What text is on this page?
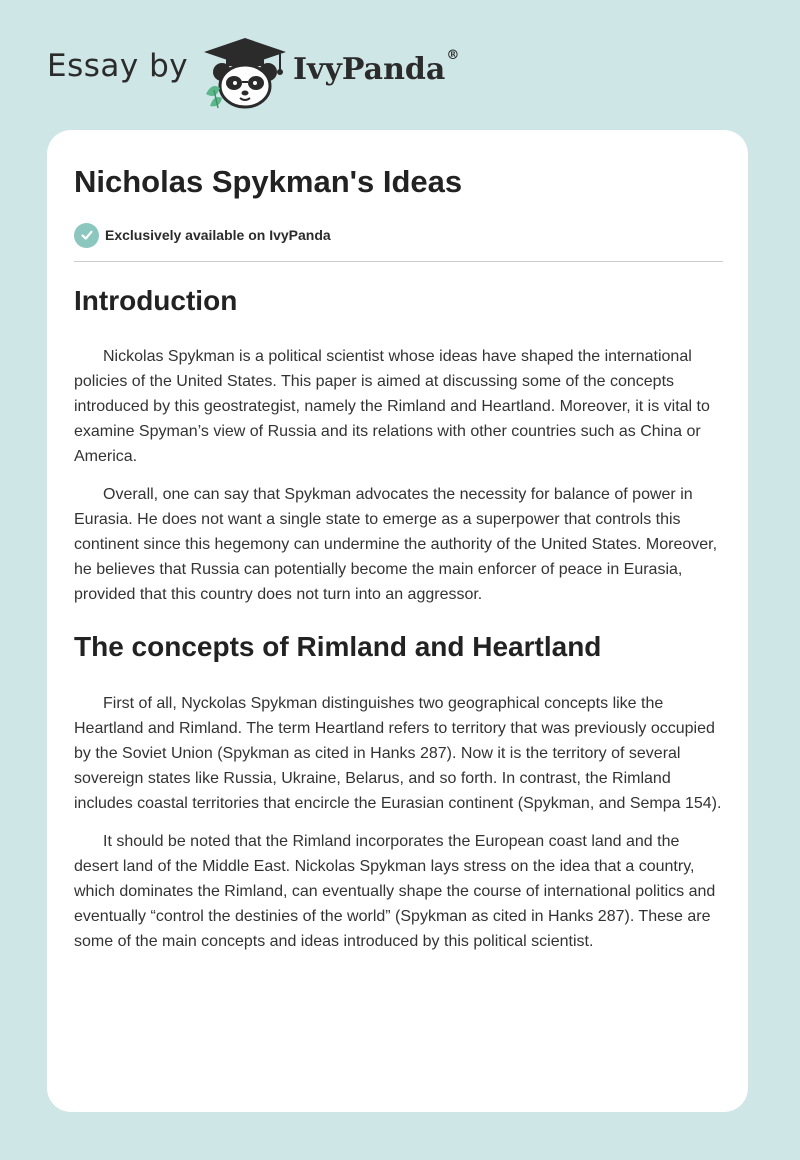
Essay by	IvyPanda®
Nicholas Spykman's Ideas
Exclusively available on IvyPanda
Introduction

Nickolas Spykman is a political scientist whose ideas have shaped the international policies of the United States. This paper is aimed at discussing some of the concepts introduced by this geostrategist, namely the Rimland and Heartland. Moreover, it is vital to examine Spyman’s view of Russia and its relations with other countries such as China or America.

Overall, one can say that Spykman advocates the necessity for balance of power in Eurasia. He does not want a single state to emerge as a superpower that controls this continent since this hegemony can undermine the authority of the United States. Moreover, he believes that Russia can potentially become the main enforcer of peace in Eurasia, provided that this country does not turn into an aggressor.

The concepts of Rimland and Heartland

First of all, Nyckolas Spykman distinguishes two geographical concepts like the Heartland and Rimland. The term Heartland refers to territory that was previously occupied by the Soviet Union (Spykman as cited in Hanks 287). Now it is the territory of several sovereign states like Russia, Ukraine, Belarus, and so forth. In contrast, the Rimland includes coastal territories that encircle the Eurasian continent (Spykman, and Sempa 154).

It should be noted that the Rimland incorporates the European coast land and the desert land of the Middle East. Nickolas Spykman lays stress on the idea that a country, which dominates the Rimland, can eventually shape the course of international politics and eventually “control the destinies of the world” (Spykman as cited in Hanks 287). These are some of the main concepts and ideas introduced by this political scientist.
